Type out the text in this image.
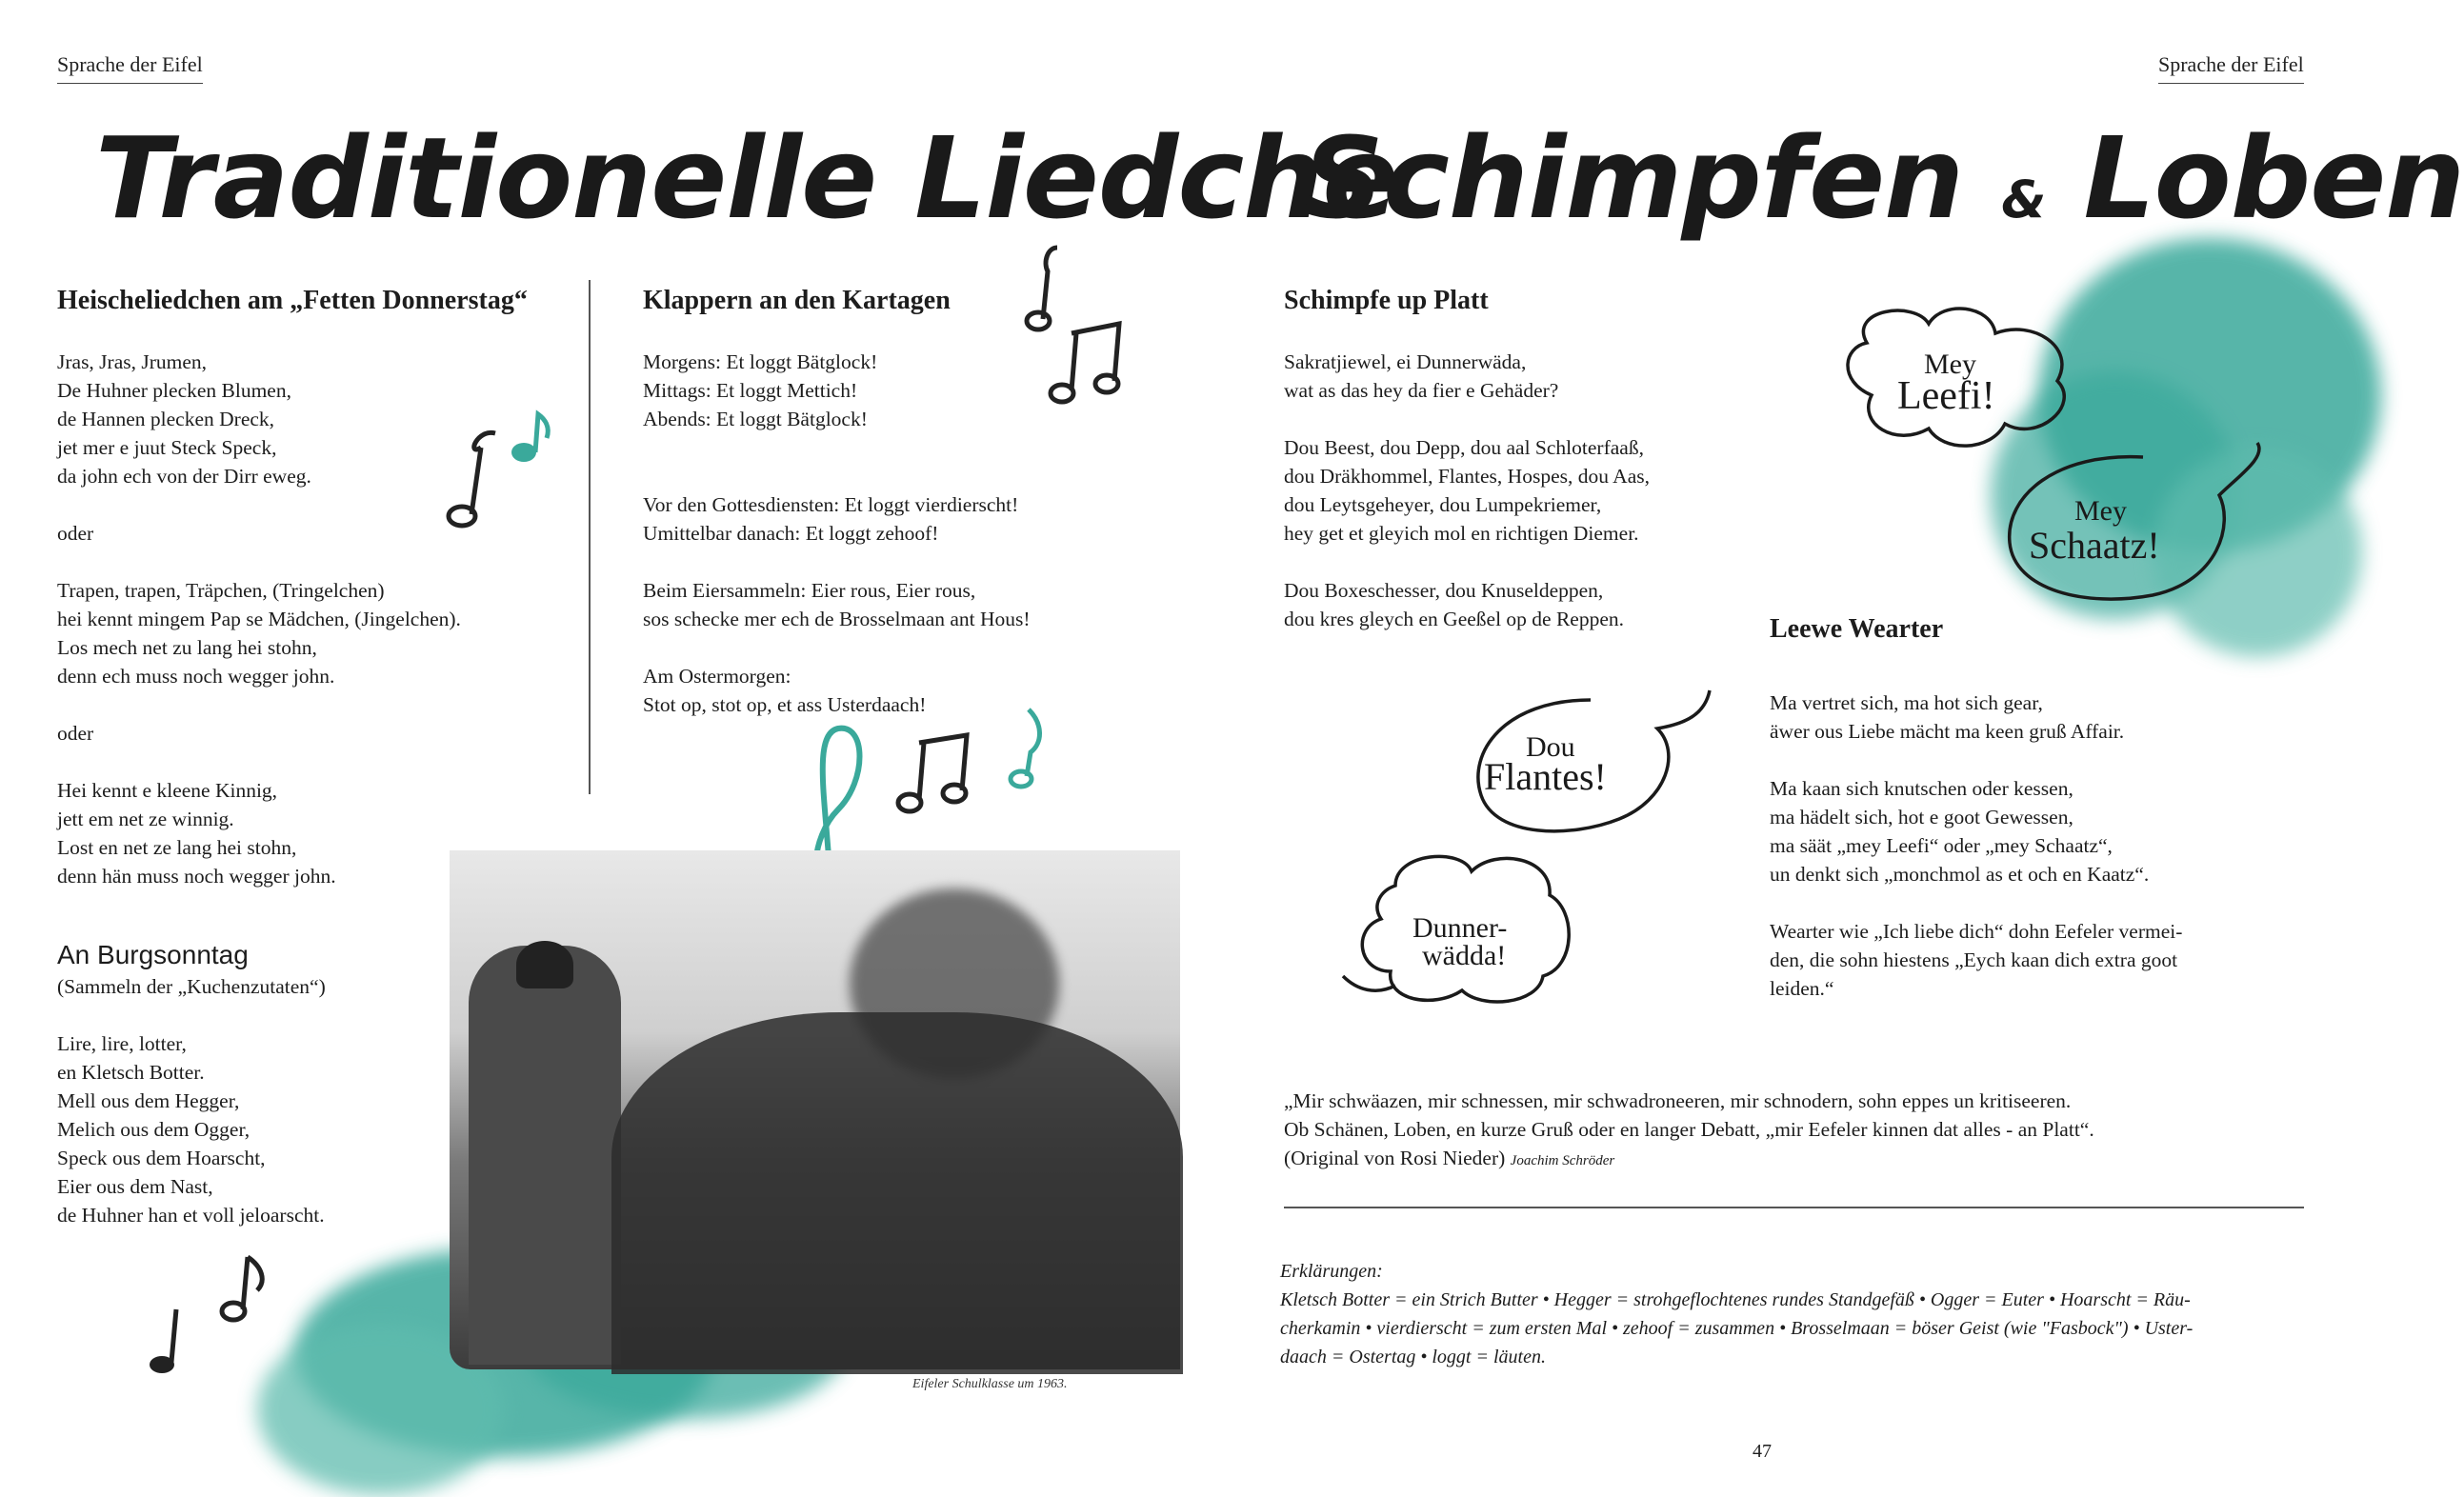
Sprache der Eifel	Sprache der Eifel
Traditionelle Liedche
Schimpfen & Loben
Heischeliedchen am „Fetten Donnerstag“

Jras, Jras, Jrumen,

De Huhner plecken Blumen,

de Hannen plecken Dreck,

jet mer e juut Steck Speck,

da john ech von der Dirr eweg.

oder

Trapen, trapen, Träpchen, (Tringelchen)

hei kennt mingem Pap se Mädchen, (Jingelchen).

Los mech net zu lang hei stohn,

denn ech muss noch wegger john.

oder

Hei kennt e kleene Kinnig,

jett em net ze winnig.

Lost en net ze lang hei stohn,

denn hän muss noch wegger john.

An Burgsonntag
(Sammeln der „Kuchenzutaten“)

Lire, lire, lotter,

en Kletsch Botter.

Mell ous dem Hegger,

Melich ous dem Ogger,

Speck ous dem Hoarscht,

Eier ous dem Nast,

de Huhner han et voll jeloarscht.

Klappern an den Kartagen

Morgens: Et loggt Bätglock!

Mittags: Et loggt Mettich!

Abends: Et loggt Bätglock!

Vor den Gottesdiensten: Et loggt vierdierscht!

Umittelbar danach: Et loggt zehoof!

Beim Eiersammeln: Eier rous, Eier rous,

sos schecke mer ech de Brosselmaan ant Hous!

Am Ostermorgen:

Stot op, stot op, et ass Usterdaach!

Eifeler Schulklasse um 1963.
Schimpfe up Platt

Sakratjiewel, ei Dunnerwäda,

wat as das hey da fier e Gehäder?

Dou Beest, dou Depp, dou aal Schloterfaaß,

dou Dräkhommel, Flantes, Hospes, dou Aas,

dou Leytsgeheyer, dou Lumpekriemer,

hey get et gleyich mol en richtigen Diemer.

Dou Boxeschesser, dou Knuseldeppen,

dou kres gleych en Geeßel op de Reppen.

Mey
Leefi!
Mey
Schaatz!
Dou
Flantes!
Dunner-
wädda!
Leewe Wearter

Ma vertret sich, ma hot sich gear,

äwer ous Liebe mächt ma keen gruß Affair.

Ma kaan sich knutschen oder kessen,

ma hädelt sich, hot e goot Gewessen,

ma säät „mey Leefi“ oder „mey Schaatz“,

un denkt sich „monchmol as et och en Kaatz“.

Wearter wie „Ich liebe dich“ dohn Eefeler vermei-

den, die sohn hiestens „Eych kaan dich extra goot

leiden.“

„Mir schwäazen, mir schnessen, mir schwadroneeren, mir schnodern, sohn eppes un kritiseeren.
Ob Schänen, Loben, en kurze Gruß oder en langer Debatt, „mir Eefeler kinnen dat alles - an Platt“.
(Original von Rosi Nieder) Joachim Schröder
Erklärungen:
Kletsch Botter = ein Strich Butter • Hegger = strohgeflochtenes rundes Standgefäß • Ogger = Euter • Hoarscht = Räu-
cherkamin • vierdierscht = zum ersten Mal • zehoof = zusammen • Brosselmaan = böser Geist (wie "Fasbock") • Uster-
daach = Ostertag • loggt = läuten.
47
